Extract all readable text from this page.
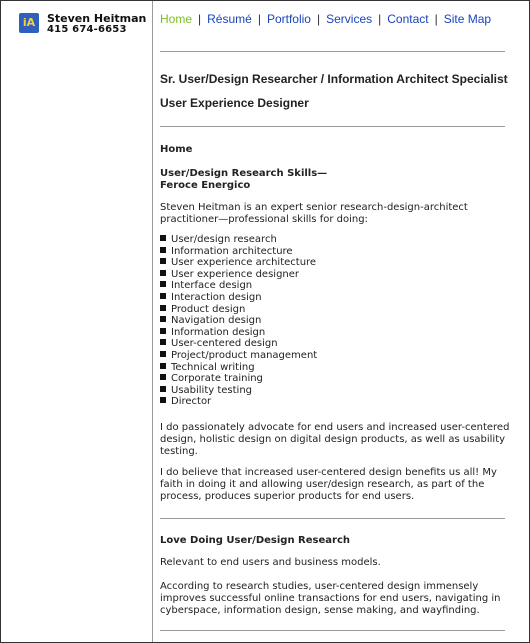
iA	Steven Heitman
415 674-6653
Home | Résumé | Portfolio | Services | Contact | Site Map
Sr. User/Design Researcher / Information Architect Specialist
User Experience Designer
Home
User/Design Research Skills—
Feroce Energico
Steven Heitman is an expert senior research-design-architect practitioner—professional skills for doing:
User/design research
Information architecture
User experience architecture
User experience designer
Interface design
Interaction design
Product design
Navigation design
Information design
User-centered design
Project/product management
Technical writing
Corporate training
Usability testing
Director
I do passionately advocate for end users and increased user-centered design, holistic design on digital design products, as well as usability testing.
I do believe that increased user-centered design benefits us all! My faith in doing it and allowing user/design research, as part of the process, produces superior products for end users.
Love Doing User/Design Research
Relevant to end users and business models.
According to research studies, user-centered design immensely improves successful online transactions for end users, navigating in cyberspace, information design, sense making, and wayfinding.
